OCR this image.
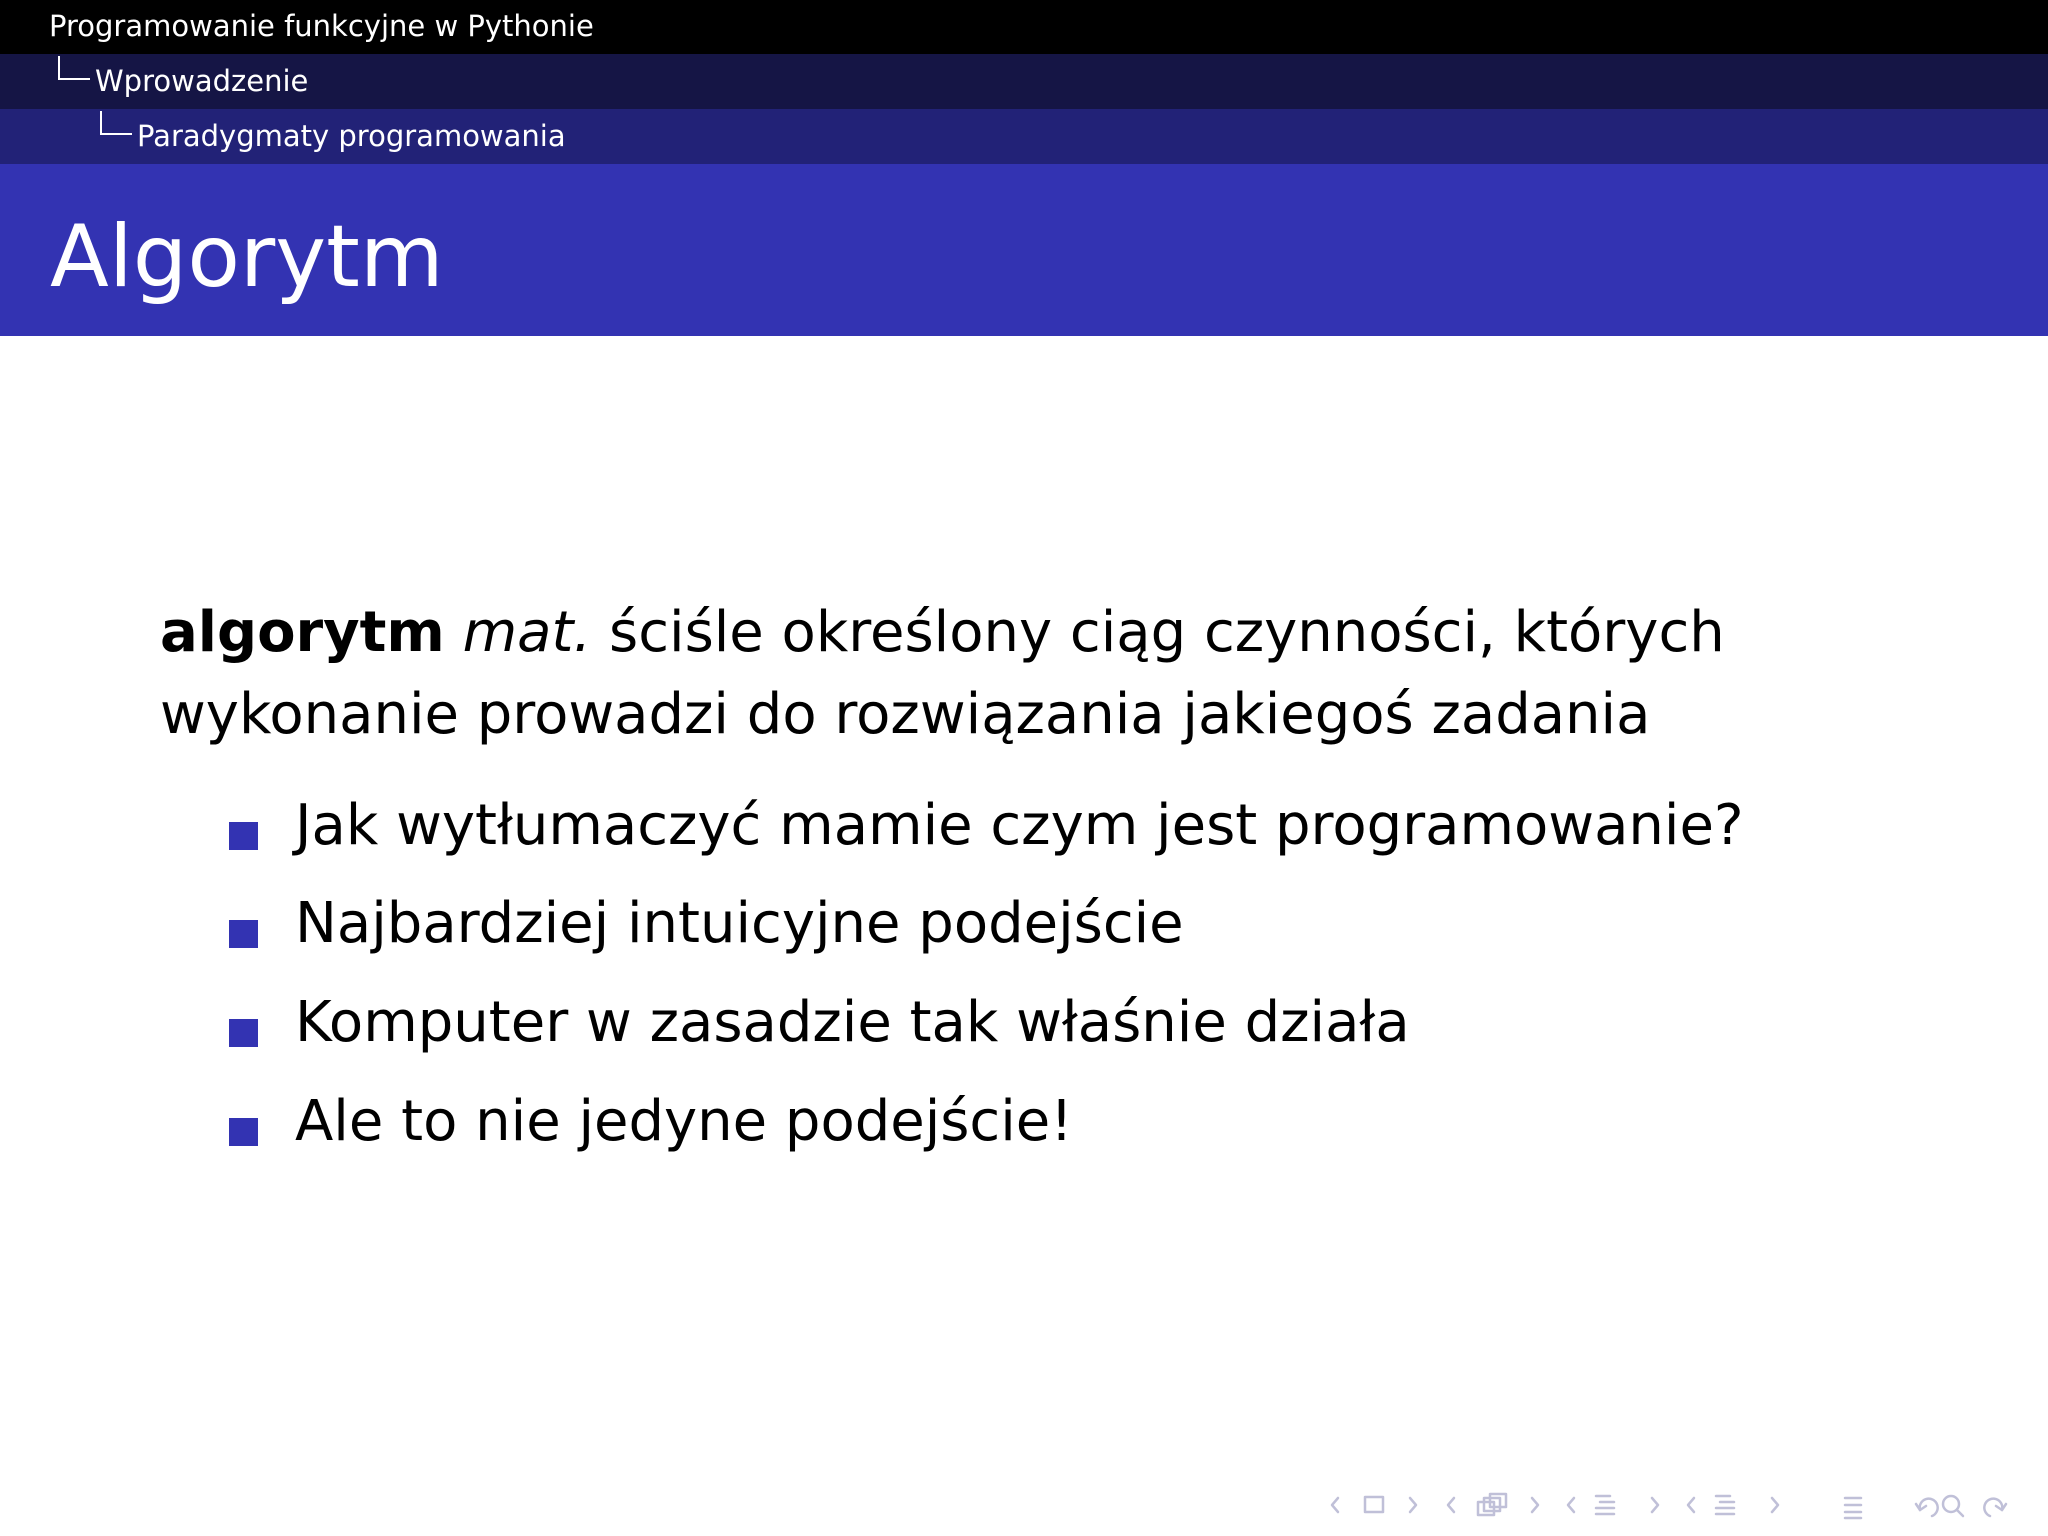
Programowanie funkcyjne w Pythonie
Wprowadzenie
Paradygmaty programowania
Algorytm
algorytm mat. ściśle określony ciąg czynności, których
wykonanie prowadzi do rozwiązania jakiegoś zadania
Jak wytłumaczyć mamie czym jest programowanie?
Najbardziej intuicyjne podejście
Komputer w zasadzie tak właśnie działa
Ale to nie jedyne podejście!
